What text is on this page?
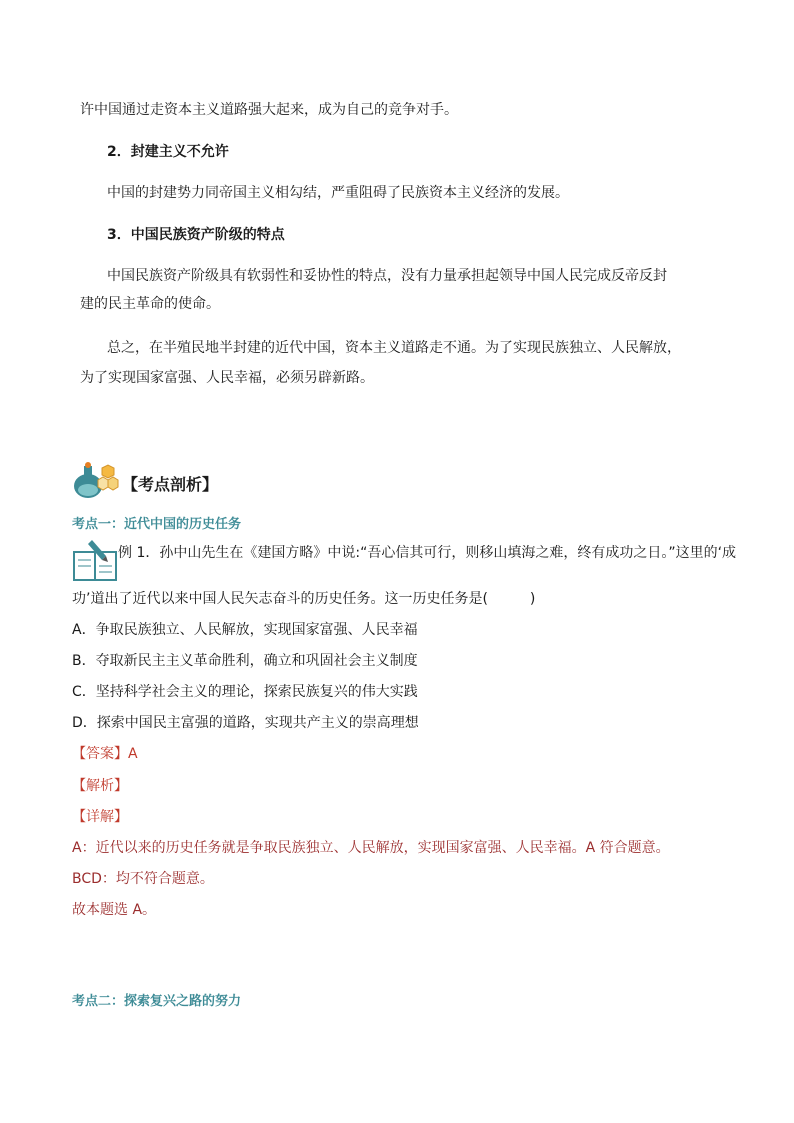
许中国通过走资本主义道路强大起来，成为自己的竞争对手。
2．封建主义不允许
中国的封建势力同帝国主义相勾结，严重阻碍了民族资本主义经济的发展。
3．中国民族资产阶级的特点
中国民族资产阶级具有软弱性和妥协性的特点，没有力量承担起领导中国人民完成反帝反封
建的民主革命的使命。
总之，在半殖民地半封建的近代中国，资本主义道路走不通。为了实现民族独立、人民解放，
为了实现国家富强、人民幸福，必须另辟新路。
【考点剖析】
考点一：近代中国的历史任务
例 1．孙中山先生在《建国方略》中说:“吾心信其可行，则移山填海之难，终有成功之日。”这里的‘成
功’道出了近代以来中国人民矢志奋斗的历史任务。这一历史任务是(　　　)
A．争取民族独立、人民解放，实现国家富强、人民幸福
B．夺取新民主主义革命胜利，确立和巩固社会主义制度
C．坚持科学社会主义的理论，探索民族复兴的伟大实践
D．探索中国民主富强的道路，实现共产主义的崇高理想
【答案】A
【解析】
【详解】
A：近代以来的历史任务就是争取民族独立、人民解放，实现国家富强、人民幸福。A 符合题意。
BCD：均不符合题意。
故本题选 A。
考点二：探索复兴之路的努力
